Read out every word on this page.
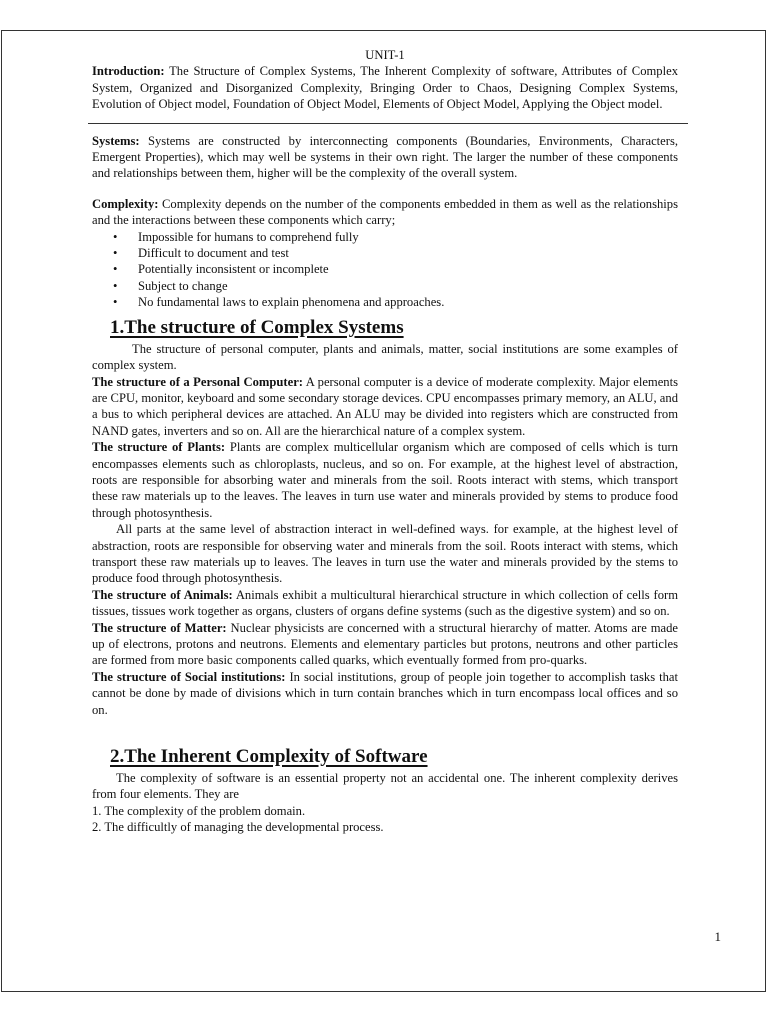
UNIT-1

Introduction: The Structure of Complex Systems, The Inherent Complexity of software, Attributes of Complex System, Organized and Disorganized Complexity, Bringing Order to Chaos, Designing Complex Systems, Evolution of Object model, Foundation of Object Model, Elements of Object Model, Applying the Object model.

Systems: Systems are constructed by interconnecting components (Boundaries, Environments, Characters, Emergent Properties), which may well be systems in their own right. The larger the number of these components and relationships between them, higher will be the complexity of the overall system.

Complexity: Complexity depends on the number of the components embedded in them as well as the relationships and the interactions between these components which carry;

• Impossible for humans to comprehend fully
• Difficult to document and test
• Potentially inconsistent or incomplete
• Subject to change
• No fundamental laws to explain phenomena and approaches.
1.The structure of Complex Systems

The structure of personal computer, plants and animals, matter, social institutions are some examples of complex system.

The structure of a Personal Computer: A personal computer is a device of moderate complexity. Major elements are CPU, monitor, keyboard and some secondary storage devices. CPU encompasses primary memory, an ALU, and a bus to which peripheral devices are attached. An ALU may be divided into registers which are constructed from NAND gates, inverters and so on. All are the hierarchical nature of a complex system.

The structure of Plants: Plants are complex multicellular organism which are composed of cells which is turn encompasses elements such as chloroplasts, nucleus, and so on. For example, at the highest level of abstraction, roots are responsible for absorbing water and minerals from the soil. Roots interact with stems, which transport these raw materials up to the leaves. The leaves in turn use water and minerals provided by stems to produce food through photosynthesis.

All parts at the same level of abstraction interact in well-defined ways. for example, at the highest level of abstraction, roots are responsible for observing water and minerals from the soil. Roots interact with stems, which transport these raw materials up to leaves. The leaves in turn use the water and minerals provided by the stems to produce food through photosynthesis.

The structure of Animals: Animals exhibit a multicultural hierarchical structure in which collection of cells form tissues, tissues work together as organs, clusters of organs define systems (such as the digestive system) and so on.

The structure of Matter: Nuclear physicists are concerned with a structural hierarchy of matter. Atoms are made up of electrons, protons and neutrons. Elements and elementary particles but protons, neutrons and other particles are formed from more basic components called quarks, which eventually formed from pro-quarks.

The structure of Social institutions: In social institutions, group of people join together to accomplish tasks that cannot be done by made of divisions which in turn contain branches which in turn encompass local offices and so on.

2.The Inherent Complexity of Software

The complexity of software is an essential property not an accidental one. The inherent complexity derives from four elements. They are

1. The complexity of the problem domain.

2. The difficultly of managing the developmental process.

1
